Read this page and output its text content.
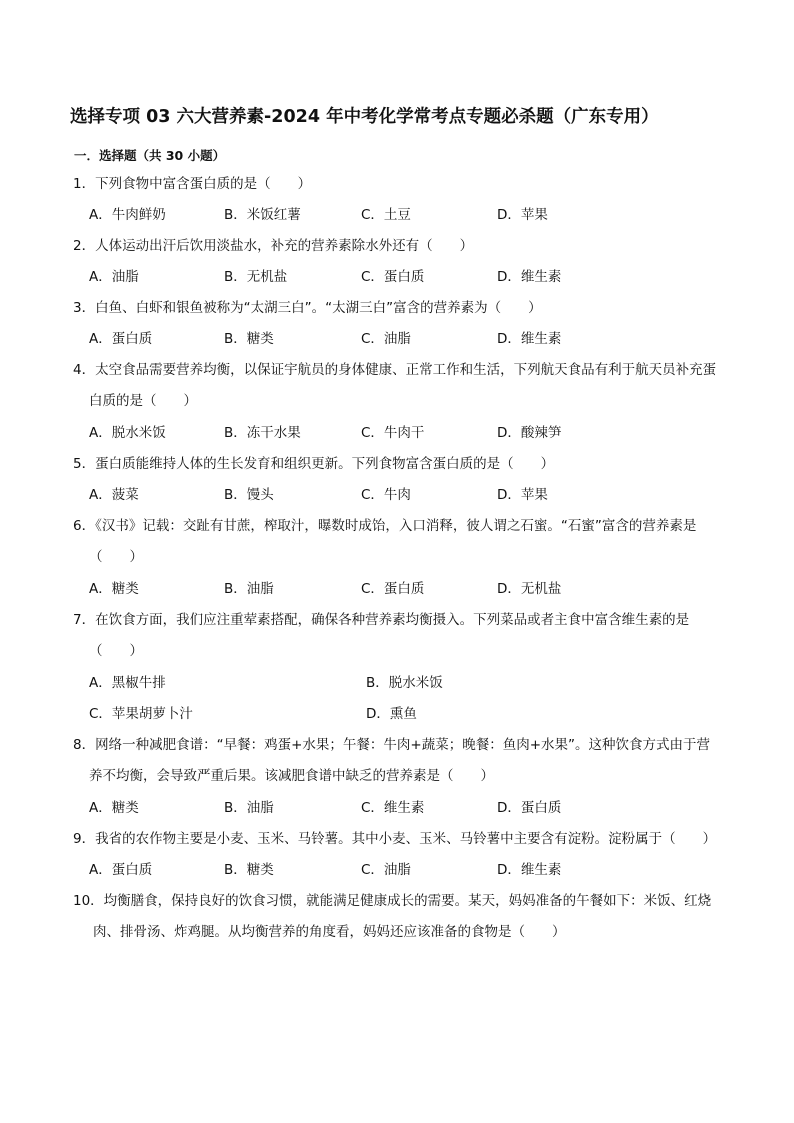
选择专项 03 六大营养素-2024 年中考化学常考点专题必杀题（广东专用）
一．选择题（共 30 小题）
1．下列食物中富含蛋白质的是（　　）
A．牛肉鲜奶	B．米饭红薯	C．土豆	D．苹果
2．人体运动出汗后饮用淡盐水，补充的营养素除水外还有（　　）
A．油脂	B．无机盐	C．蛋白质	D．维生素
3．白鱼、白虾和银鱼被称为“太湖三白”。“太湖三白”富含的营养素为（　　）
A．蛋白质	B．糖类	C．油脂	D．维生素
4．太空食品需要营养均衡，以保证宇航员的身体健康、正常工作和生活，下列航天食品有利于航天员补充蛋白质的是（　　）
A．脱水米饭	B．冻干水果	C．牛肉干	D．酸辣笋
5．蛋白质能维持人体的生长发育和组织更新。下列食物富含蛋白质的是（　　）
A．菠菜	B．馒头	C．牛肉	D．苹果
6．《汉书》记载：交趾有甘蔗，榨取汁，曝数时成饴，入口消释，彼人谓之石蜜。“石蜜”富含的营养素是（　　）
A．糖类	B．油脂	C．蛋白质	D．无机盐
7．在饮食方面，我们应注重荤素搭配，确保各种营养素均衡摄入。下列菜品或者主食中富含维生素的是（　　）
A．黑椒牛排	B．脱水米饭
C．苹果胡萝卜汁	D．熏鱼
8．网络一种减肥食谱：“早餐：鸡蛋+水果；午餐：牛肉+蔬菜；晚餐：鱼肉+水果”。这种饮食方式由于营养不均衡，会导致严重后果。该减肥食谱中缺乏的营养素是（　　）
A．糖类	B．油脂	C．维生素	D．蛋白质
9．我省的农作物主要是小麦、玉米、马铃薯。其中小麦、玉米、马铃薯中主要含有淀粉。淀粉属于（　　）
A．蛋白质	B．糖类	C．油脂	D．维生素
10．均衡膳食，保持良好的饮食习惯，就能满足健康成长的需要。某天，妈妈准备的午餐如下：米饭、红烧肉、排骨汤、炸鸡腿。从均衡营养的角度看，妈妈还应该准备的食物是（　　）
